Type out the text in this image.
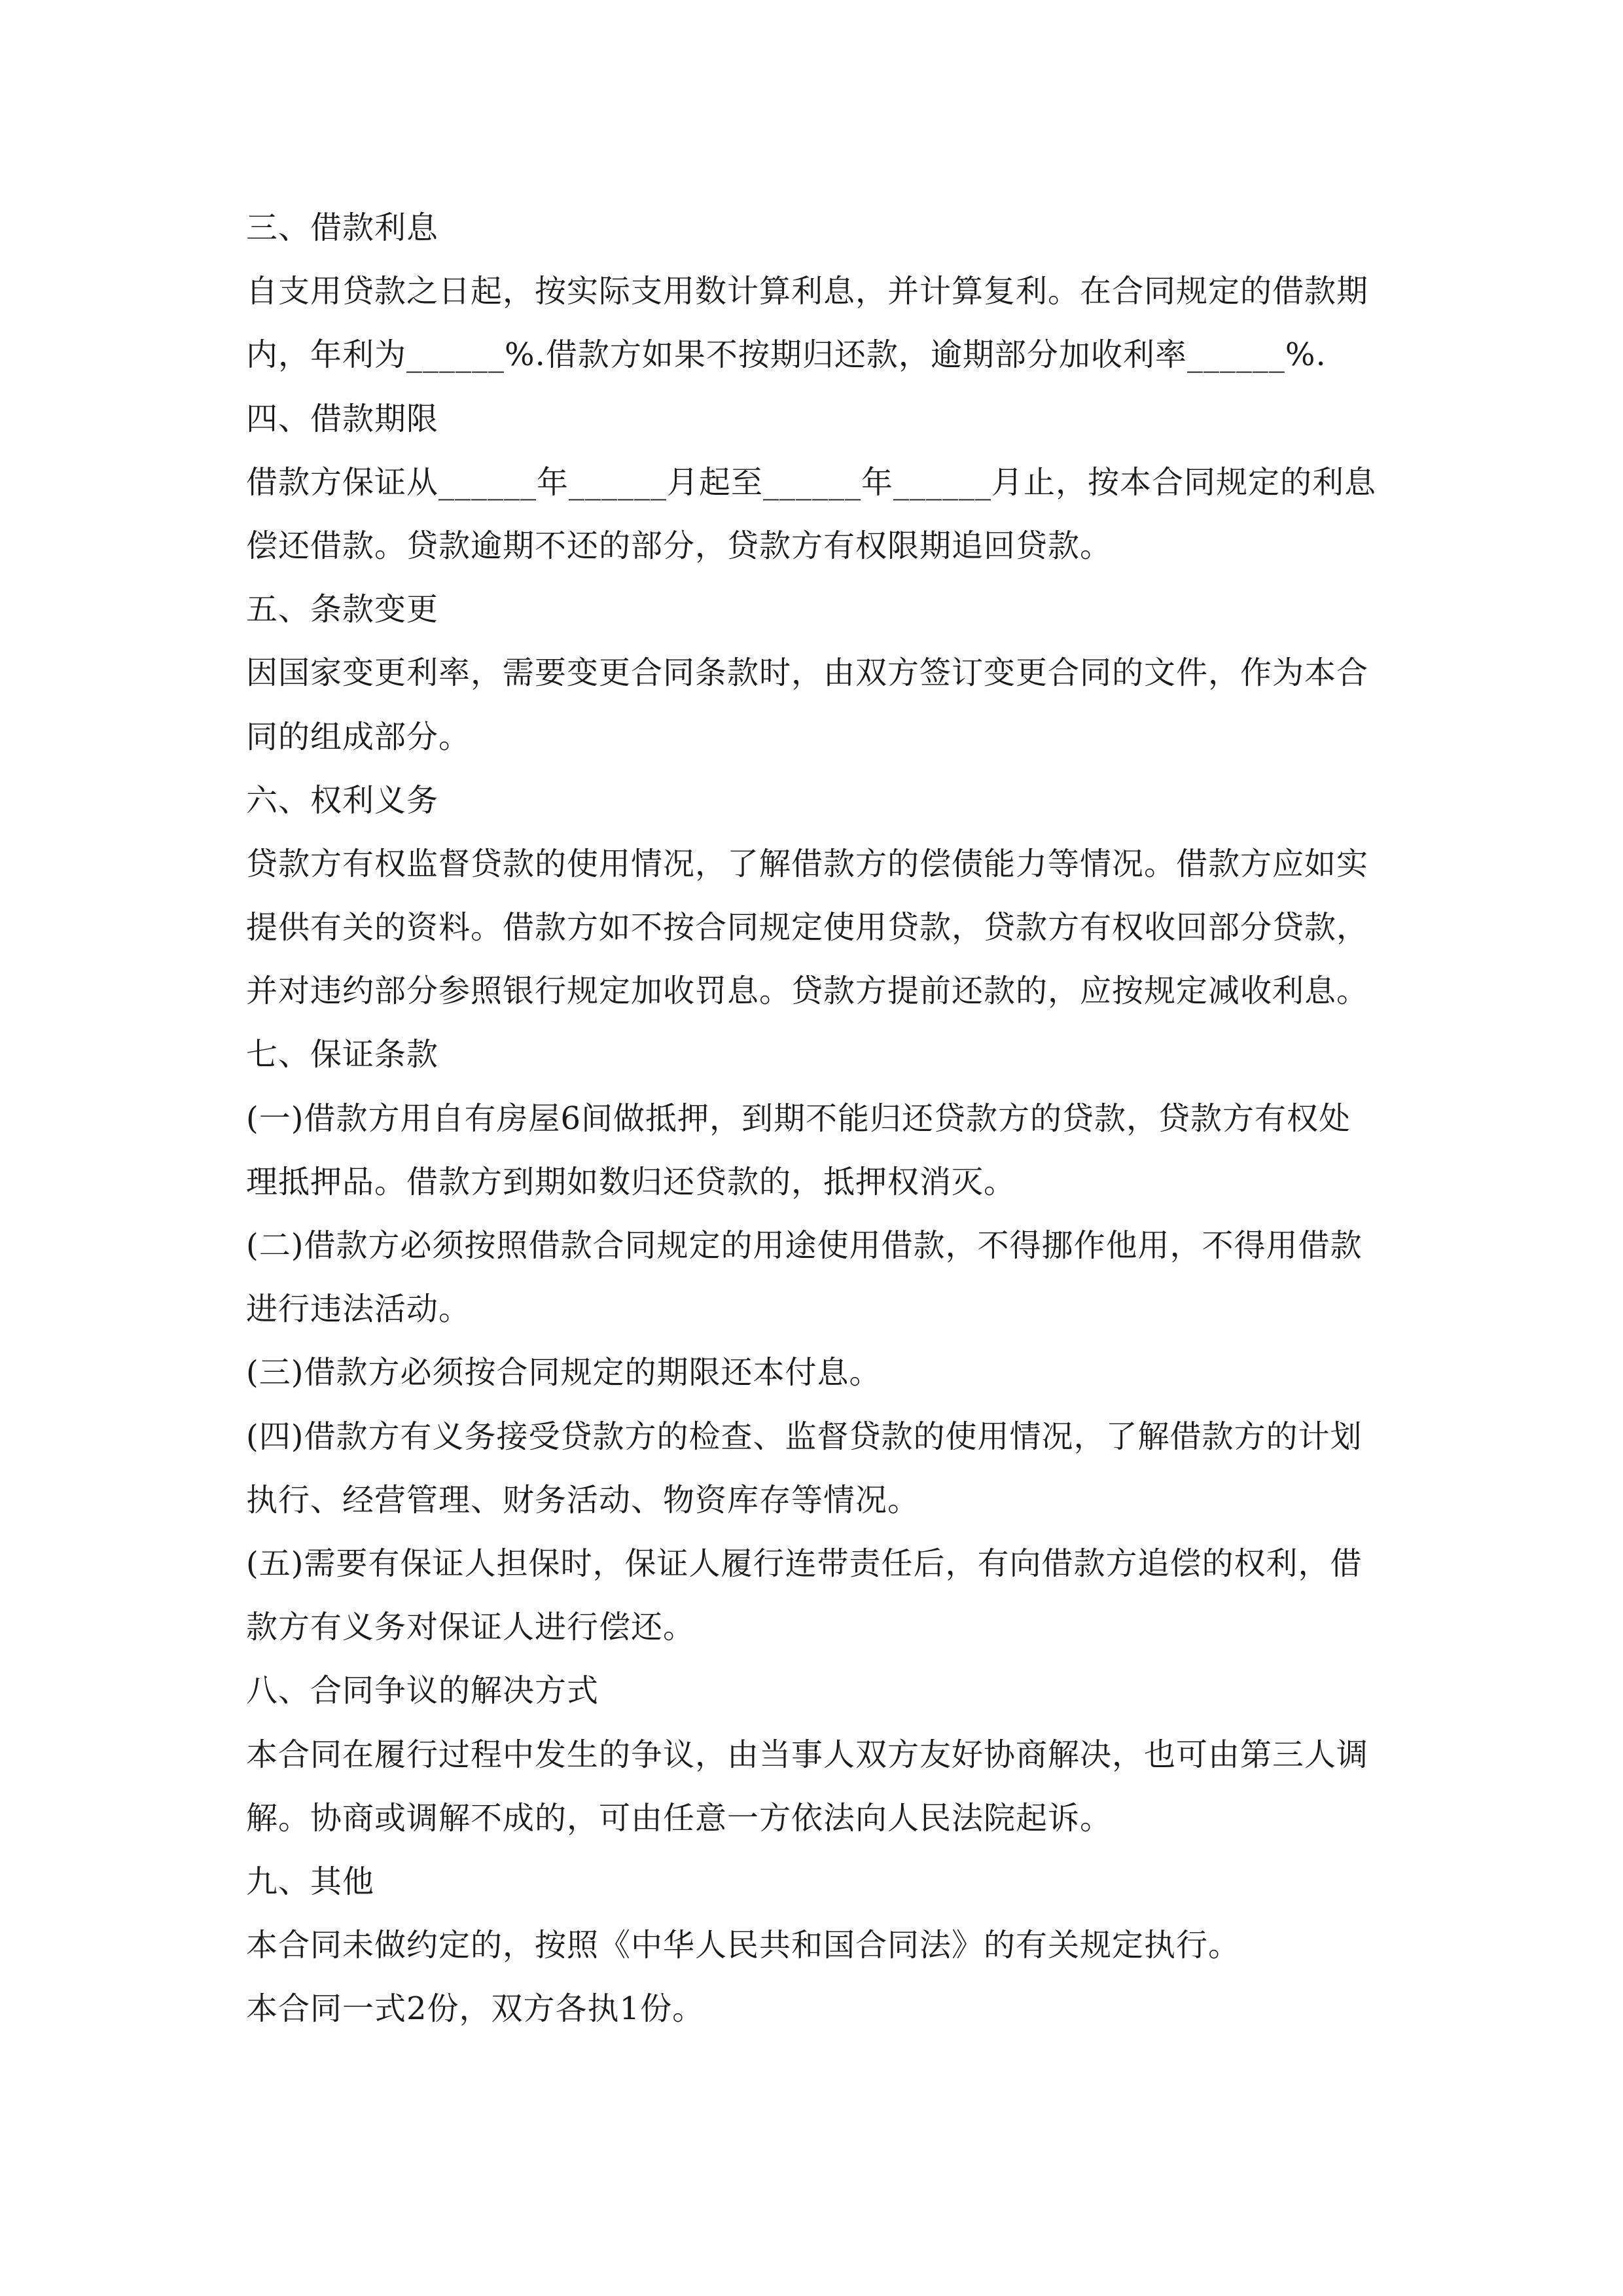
三、借款利息
自支用贷款之日起，按实际支用数计算利息，并计算复利。在合同规定的借款期
内，年利为______%.借款方如果不按期归还款，逾期部分加收利率______%.
四、借款期限
借款方保证从______年______月起至______年______月止，按本合同规定的利息
偿还借款。贷款逾期不还的部分，贷款方有权限期追回贷款。
五、条款变更
因国家变更利率，需要变更合同条款时，由双方签订变更合同的文件，作为本合
同的组成部分。
六、权利义务
贷款方有权监督贷款的使用情况，了解借款方的偿债能力等情况。借款方应如实
提供有关的资料。借款方如不按合同规定使用贷款，贷款方有权收回部分贷款，
并对违约部分参照银行规定加收罚息。贷款方提前还款的，应按规定减收利息。
七、保证条款
(一)借款方用自有房屋6间做抵押，到期不能归还贷款方的贷款，贷款方有权处
理抵押品。借款方到期如数归还贷款的，抵押权消灭。
(二)借款方必须按照借款合同规定的用途使用借款，不得挪作他用，不得用借款
进行违法活动。
(三)借款方必须按合同规定的期限还本付息。
(四)借款方有义务接受贷款方的检查、监督贷款的使用情况，了解借款方的计划
执行、经营管理、财务活动、物资库存等情况。
(五)需要有保证人担保时，保证人履行连带责任后，有向借款方追偿的权利，借
款方有义务对保证人进行偿还。
八、合同争议的解决方式
本合同在履行过程中发生的争议，由当事人双方友好协商解决，也可由第三人调
解。协商或调解不成的，可由任意一方依法向人民法院起诉。
九、其他
本合同未做约定的，按照《中华人民共和国合同法》的有关规定执行。
本合同一式2份，双方各执1份。
